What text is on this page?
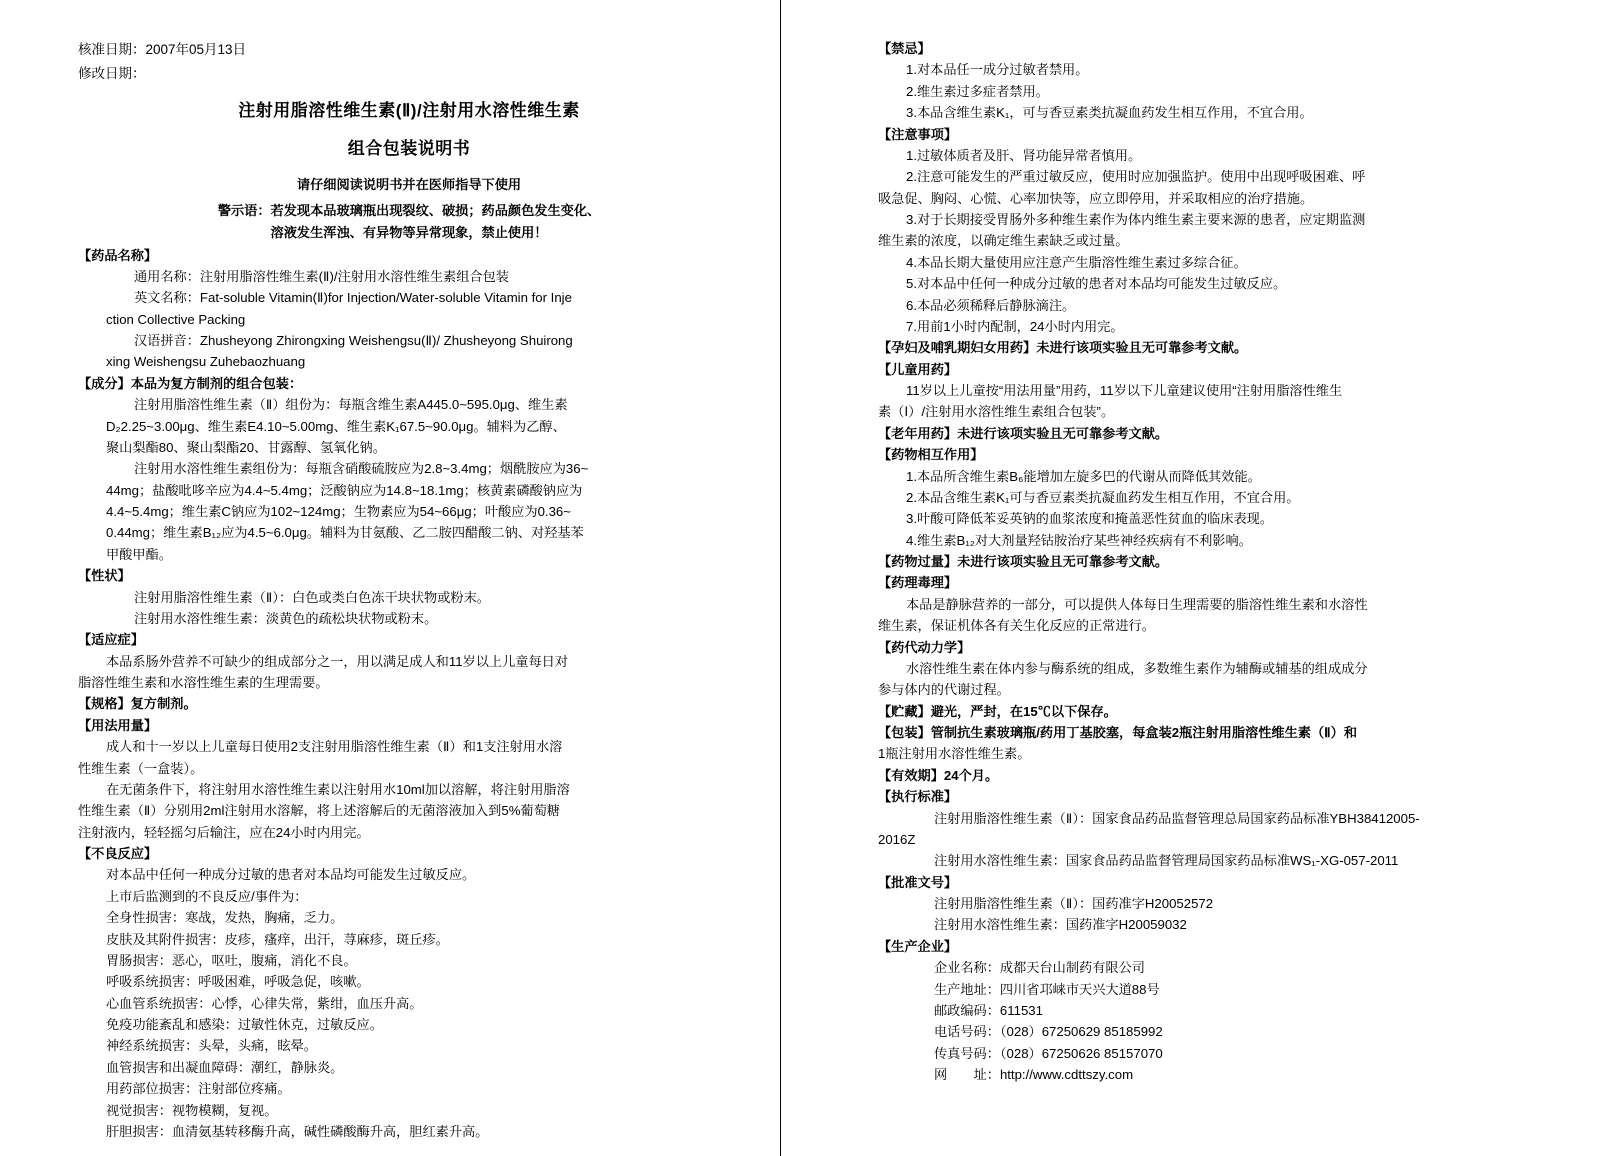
核准日期：2007年05月13日
修改日期：
注射用脂溶性维生素(Ⅱ)/注射用水溶性维生素
组合包装说明书
请仔细阅读说明书并在医师指导下使用
警示语：若发现本品玻璃瓶出现裂纹、破损；药品颜色发生变化、
溶液发生浑浊、有异物等异常现象，禁止使用！
【药品名称】
通用名称：注射用脂溶性维生素(Ⅱ)/注射用水溶性维生素组合包装
英文名称：Fat-soluble Vitamin(Ⅱ)for Injection/Water-soluble Vitamin for Inje
ction Collective Packing
汉语拼音：Zhusheyong Zhirongxing Weishengsu(Ⅱ)/ Zhusheyong Shuirong
xing Weishengsu Zuhebaozhuang
【成分】本品为复方制剂的组合包装：
注射用脂溶性维生素（Ⅱ）组份为：每瓶含维生素A445.0~595.0μg、维生素
D₂2.25~3.00μg、维生素E4.10~5.00mg、维生素K₁67.5~90.0μg。辅料为乙醇、
聚山梨酯80、聚山梨酯20、甘露醇、氢氧化钠。
注射用水溶性维生素组份为：每瓶含硝酸硫胺应为2.8~3.4mg；烟酰胺应为36~
44mg；盐酸吡哆辛应为4.4~5.4mg；泛酸钠应为14.8~18.1mg；核黄素磷酸钠应为
4.4~5.4mg；维生素C钠应为102~124mg；生物素应为54~66μg；叶酸应为0.36~
0.44mg；维生素B₁₂应为4.5~6.0μg。辅料为甘氨酸、乙二胺四醋酸二钠、对羟基苯
甲酸甲酯。
【性状】
注射用脂溶性维生素（Ⅱ）：白色或类白色冻干块状物或粉末。
注射用水溶性维生素：淡黄色的疏松块状物或粉末。
【适应症】
本品系肠外营养不可缺少的组成部分之一，用以满足成人和11岁以上儿童每日对
脂溶性维生素和水溶性维生素的生理需要。
【规格】复方制剂。
【用法用量】
成人和十一岁以上儿童每日使用2支注射用脂溶性维生素（Ⅱ）和1支注射用水溶
性维生素（一盒装）。
在无菌条件下，将注射用水溶性维生素以注射用水10ml加以溶解，将注射用脂溶
性维生素（Ⅱ）分别用2ml注射用水溶解，将上述溶解后的无菌溶液加入到5%葡萄糖
注射液内，轻轻摇匀后输注，应在24小时内用完。
【不良反应】
对本品中任何一种成分过敏的患者对本品均可能发生过敏反应。
上市后监测到的不良反应/事件为：
全身性损害：寒战，发热，胸痛，乏力。
皮肤及其附件损害：皮疹，瘙痒，出汗，荨麻疹，斑丘疹。
胃肠损害：恶心，呕吐，腹痛，消化不良。
呼吸系统损害：呼吸困难，呼吸急促，咳嗽。
心血管系统损害：心悸，心律失常，紫绀，血压升高。
免疫功能紊乱和感染：过敏性休克，过敏反应。
神经系统损害：头晕，头痛，眩晕。
血管损害和出凝血障碍：潮红，静脉炎。
用药部位损害：注射部位疼痛。
视觉损害：视物模糊，复视。
肝胆损害：血清氨基转移酶升高，碱性磷酸酶升高，胆红素升高。
【禁忌】
1.对本品任一成分过敏者禁用。
2.维生素过多症者禁用。
3.本品含维生素K₁，可与香豆素类抗凝血药发生相互作用，不宜合用。
【注意事项】
1.过敏体质者及肝、肾功能异常者慎用。
2.注意可能发生的严重过敏反应，使用时应加强监护。使用中出现呼吸困难、呼
吸急促、胸闷、心慌、心率加快等，应立即停用，并采取相应的治疗措施。
3.对于长期接受胃肠外多种维生素作为体内维生素主要来源的患者，应定期监测
维生素的浓度，以确定维生素缺乏或过量。
4.本品长期大量使用应注意产生脂溶性维生素过多综合征。
5.对本品中任何一种成分过敏的患者对本品均可能发生过敏反应。
6.本品必须稀释后静脉滴注。
7.用前1小时内配制，24小时内用完。
【孕妇及哺乳期妇女用药】未进行该项实验且无可靠参考文献。
【儿童用药】
11岁以上儿童按“用法用量”用药，11岁以下儿童建议使用“注射用脂溶性维生
素（Ⅰ）/注射用水溶性维生素组合包装”。
【老年用药】未进行该项实验且无可靠参考文献。
【药物相互作用】
1.本品所含维生素B₆能增加左旋多巴的代谢从而降低其效能。
2.本品含维生素K₁可与香豆素类抗凝血药发生相互作用，不宜合用。
3.叶酸可降低苯妥英钠的血浆浓度和掩盖恶性贫血的临床表现。
4.维生素B₁₂对大剂量羟钴胺治疗某些神经疾病有不利影响。
【药物过量】未进行该项实验且无可靠参考文献。
【药理毒理】
本品是静脉营养的一部分，可以提供人体每日生理需要的脂溶性维生素和水溶性
维生素，保证机体各有关生化反应的正常进行。
【药代动力学】
水溶性维生素在体内参与酶系统的组成，多数维生素作为辅酶或辅基的组成成分
参与体内的代谢过程。
【贮藏】避光，严封，在15℃以下保存。
【包装】管制抗生素玻璃瓶/药用丁基胶塞，每盒装2瓶注射用脂溶性维生素（Ⅱ）和
1瓶注射用水溶性维生素。
【有效期】24个月。
【执行标准】
注射用脂溶性维生素（Ⅱ）：国家食品药品监督管理总局国家药品标准YBH38412005-
2016Z
注射用水溶性维生素：国家食品药品监督管理局国家药品标准WS₁-XG-057-2011
【批准文号】
注射用脂溶性维生素（Ⅱ）：国药准字H20052572
注射用水溶性维生素：国药准字H20059032
【生产企业】
企业名称：成都天台山制药有限公司
生产地址：四川省邛崃市天兴大道88号
邮政编码：611531
电话号码：（028）67250629 85185992
传真号码：（028）67250626 85157070
网　　址：http://www.cdttszy.com
